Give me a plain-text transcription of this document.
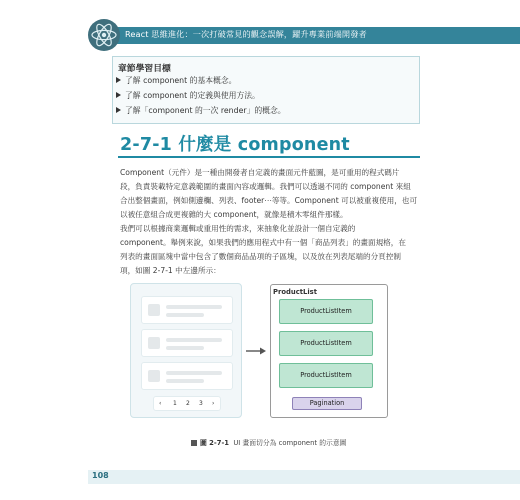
React 思維進化：一次打破常見的觀念誤解，躍升專業前端開發者
章節學習目標
了解 component 的基本概念。
了解 component 的定義與使用方法。
了解「component 的一次 render」的概念。
2-7-1 什麼是 component
Component（元件）是一種由開發者自定義的畫面元件藍圖，是可重用的程式碼片
段，負責裝載特定意義範圍的畫面內容或邏輯。我們可以透過不同的 component 來組
合出整個畫面，例如側邊欄、列表、footer⋯等等。Component 可以被重複使用，也可
以被任意組合成更複雜的大 component，就像是積木零組件那樣。
我們可以根據商業邏輯或重用性的需求，來抽象化並設計一個自定義的
component。舉例來說，如果我們的應用程式中有一個「商品列表」的畫面規格，在
列表的畫面區塊中當中包含了數個商品品項的子區塊，以及放在列表尾端的分頁控制
項，如圖 2-7-1 中左邊所示：
‹ 1 2 3 ›
ProductList
ProductListItem
ProductListItem
ProductListItem
Pagination
圖 2-7-1 UI 畫面切分為 component 的示意圖
108
